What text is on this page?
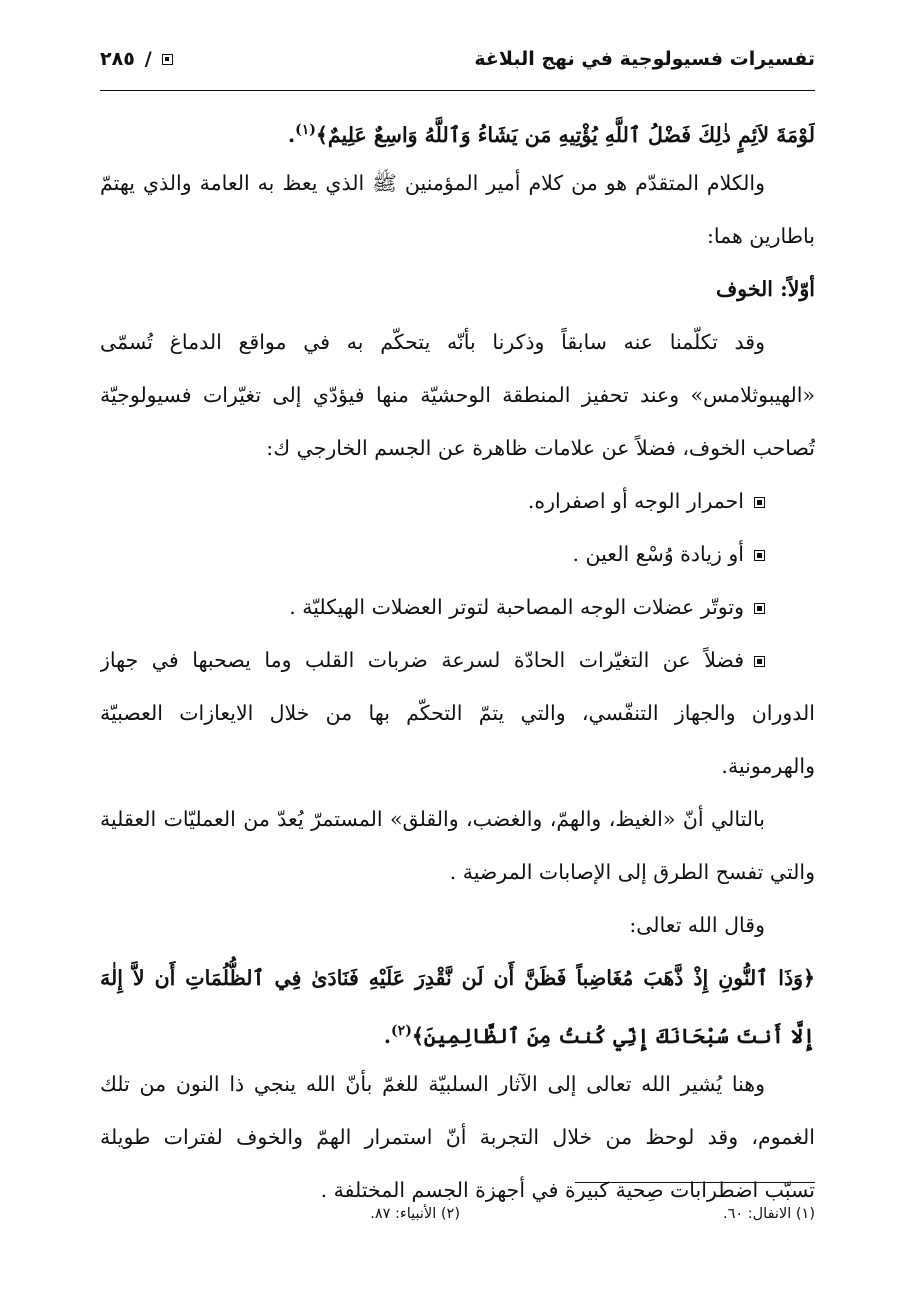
تفسيرات فسيولوجية في نهج البلاغة
٢٨٥ /
لَوْمَةَ لاَئِمٍ ذٰلِكَ فَضْلُ ٱللَّهِ يُؤْتِيهِ مَن يَشَاءُ وَٱللَّهُ وَاسِعٌ عَلِيمٌ﴾$^{(١)}$.
والكلام المتقدّم هو من كلام أمير المؤمنين ﷺ الذي يعظ به العامة والذي يهتمّ
باطارين هما:
أوّلاً: الخوف
وقد تكلّمنا عنه سابقاً وذكرنا بأنّه يتحكّم به في مواقع الدماغ تُسمّى
«الهيبوثلامس» وعند تحفيز المنطقة الوحشيّة منها فيؤدّي إلى تغيّرات فسيولوجيّة
تُصاحب الخوف، فضلاً عن علامات ظاهرة عن الجسم الخارجي ك:
احمرار الوجه أو اصفراره.
أو زيادة وُسْع العين .
وتوتّر عضلات الوجه المصاحبة لتوتر العضلات الهيكليّة .
فضلاً عن التغيّرات الحادّة لسرعة ضربات القلب وما يصحبها في جهاز
الدوران والجهاز التنفّسي، والتي يتمّ التحكّم بها من خلال الايعازات العصبيّة
والهرمونية.
بالتالي أنّ «الغيظ، والهمّ، والغضب، والقلق» المستمرّ يُعدّ من العمليّات العقلية
والتي تفسح الطرق إلى الإصابات المرضية .
وقال الله تعالى:
﴿وَذَا ٱلنُّونِ إِذْ ذَّهَبَ مُغَاضِباً فَظَنَّ أَن لَن نَّقْدِرَ عَلَيْهِ فَنَادَىٰ فِي ٱلظُّلُمَاتِ أَن لاَّ إِلٰهَ
إِلَّا أَنتَ سُبْحَانَكَ إِنِّي كُنتُ مِنَ ٱلظَّالِمِينَ﴾$^{(٢)}$.
وهنا يُشير الله تعالى إلى الآثار السلبيّة للغمّ بأنّ الله ينجي ذا النون من تلك
الغموم، وقد لوحظ من خلال التجربة أنّ استمرار الهمّ والخوف لفترات طويلة
تسبّب اضطرابات صِحية كبيرة في أجهزة الجسم المختلفة .
(١) الانفال: ٦٠.
(٢) الأنبياء: ٨٧.
